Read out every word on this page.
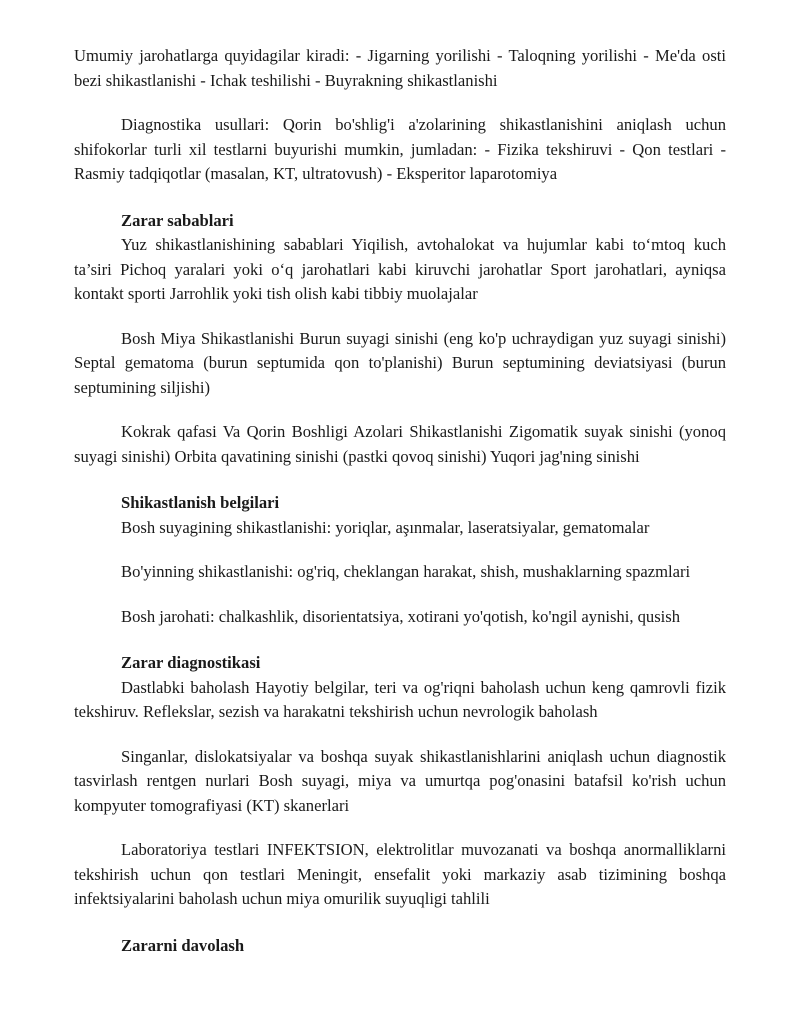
Umumiy jarohatlarga quyidagilar kiradi: - Jigarning yorilishi - Taloqning yorilishi - Me'da osti bezi shikastlanishi - Ichak teshilishi - Buyrakning shikastlanishi

Diagnostika usullari: Qorin bo'shlig'i a'zolarining shikastlanishini aniqlash uchun shifokorlar turli xil testlarni buyurishi mumkin, jumladan: - Fizika tekshiruvi - Qon testlari - Rasmiy tadqiqotlar (masalan, KT, ultratovush) - Eksperitor laparotomiya

Zarar sabablari

Yuz shikastlanishining sabablari Yiqilish, avtohalokat va hujumlar kabi to‘mtoq kuch ta’siri Pichoq yaralari yoki o‘q jarohatlari kabi kiruvchi jarohatlar Sport jarohatlari, ayniqsa kontakt sporti Jarrohlik yoki tish olish kabi tibbiy muolajalar

Bosh Miya Shikastlanishi Burun suyagi sinishi (eng ko'p uchraydigan yuz suyagi sinishi) Septal gematoma (burun septumida qon to'planishi) Burun septumining deviatsiyasi (burun septumining siljishi)

Kokrak qafasi Va Qorin Boshligi Azolari Shikastlanishi Zigomatik suyak sinishi (yonoq suyagi sinishi) Orbita qavatining sinishi (pastki qovoq sinishi) Yuqori jag'ning sinishi

Shikastlanish belgilari

Bosh suyagining shikastlanishi: yoriqlar, aşınmalar, laseratsiyalar, gematomalar

Bo'yinning shikastlanishi: og'riq, cheklangan harakat, shish, mushaklarning spazmlari

Bosh jarohati: chalkashlik, disorientatsiya, xotirani yo'qotish, ko'ngil aynishi, qusish

Zarar diagnostikasi

Dastlabki baholash Hayotiy belgilar, teri va og'riqni baholash uchun keng qamrovli fizik tekshiruv. Reflekslar, sezish va harakatni tekshirish uchun nevrologik baholash

Singanlar, dislokatsiyalar va boshqa suyak shikastlanishlarini aniqlash uchun diagnostik tasvirlash rentgen nurlari Bosh suyagi, miya va umurtqa pog'onasini batafsil ko'rish uchun kompyuter tomografiyasi (KT) skanerlari

Laboratoriya testlari INFEKTSION, elektrolitlar muvozanati va boshqa anormalliklarni tekshirish uchun qon testlari Meningit, ensefalit yoki markaziy asab tizimining boshqa infektsiyalarini baholash uchun miya omurilik suyuqligi tahlili

Zararni davolash
